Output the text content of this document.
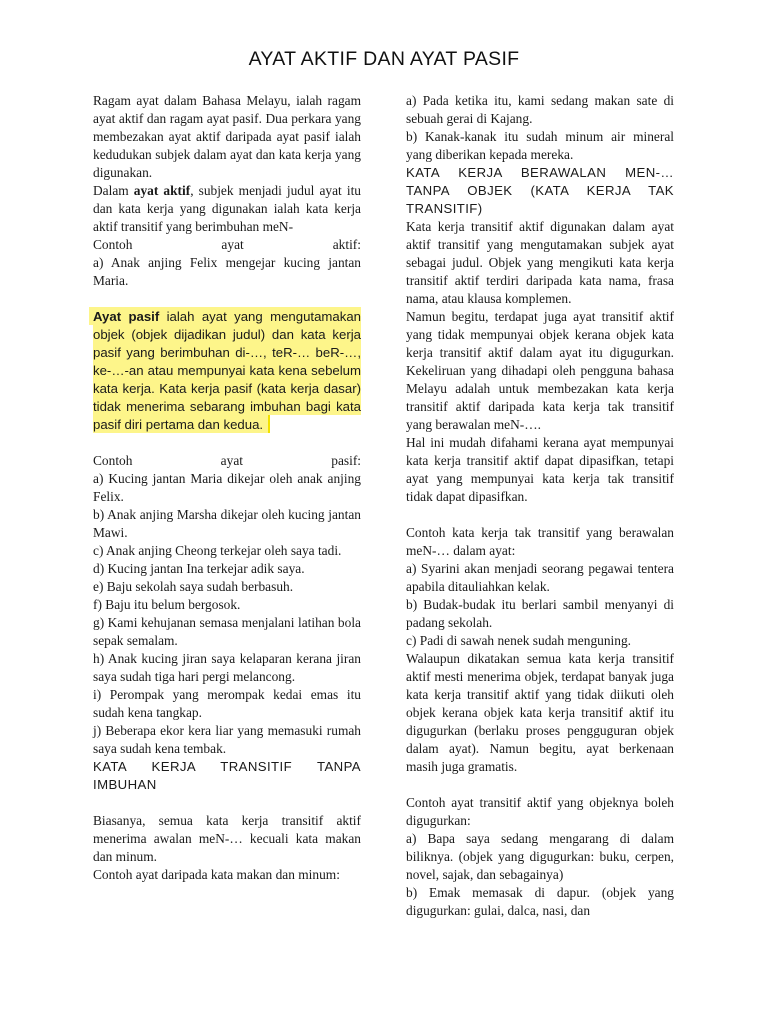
AYAT AKTIF DAN AYAT PASIF

Ragam ayat dalam Bahasa Melayu, ialah ragam ayat aktif dan ragam ayat pasif. Dua perkara yang membezakan ayat aktif daripada ayat pasif ialah kedudukan subjek dalam ayat dan kata kerja yang digunakan.

Dalam ayat aktif, subjek menjadi judul ayat itu dan kata kerja yang digunakan ialah kata kerja aktif transitif yang berimbuhan meN-

Contoh ayat aktif:

a) Anak anjing Felix mengejar kucing jantan Maria.

Ayat pasif ialah ayat yang mengutamakan objek (objek dijadikan judul) dan kata kerja pasif yang berimbuhan di-…, teR-… beR-…, ke-…-an atau mempunyai kata kena sebelum kata kerja. Kata kerja pasif (kata kerja dasar) tidak menerima sebarang imbuhan bagi kata pasif diri pertama dan kedua.

Contoh ayat pasif:

a) Kucing jantan Maria dikejar oleh anak anjing Felix.

b) Anak anjing Marsha dikejar oleh kucing jantan Mawi.

c) Anak anjing Cheong terkejar oleh saya tadi.

d) Kucing jantan Ina terkejar adik saya.

e) Baju sekolah saya sudah berbasuh.

f) Baju itu belum bergosok.

g) Kami kehujanan semasa menjalani latihan bola sepak semalam.

h) Anak kucing jiran saya kelaparan kerana jiran saya sudah tiga hari pergi melancong.

i) Perompak yang merompak kedai emas itu sudah kena tangkap.

j) Beberapa ekor kera liar yang memasuki rumah saya sudah kena tembak.

KATA KERJA TRANSITIF TANPA IMBUHAN

Biasanya, semua kata kerja transitif aktif menerima awalan meN-… kecuali kata makan dan minum.

Contoh ayat daripada kata makan dan minum:

a) Pada ketika itu, kami sedang makan sate di sebuah gerai di Kajang.

b) Kanak-kanak itu sudah minum air mineral yang diberikan kepada mereka.

KATA KERJA BERAWALAN MEN-… TANPA OBJEK (KATA KERJA TAK TRANSITIF)

Kata kerja transitif aktif digunakan dalam ayat aktif transitif yang mengutamakan subjek ayat sebagai judul. Objek yang mengikuti kata kerja transitif aktif terdiri daripada kata nama, frasa nama, atau klausa komplemen.

Namun begitu, terdapat juga ayat transitif aktif yang tidak mempunyai objek kerana objek kata kerja transitif aktif dalam ayat itu digugurkan. Kekeliruan yang dihadapi oleh pengguna bahasa Melayu adalah untuk membezakan kata kerja transitif aktif daripada kata kerja tak transitif yang berawalan meN-….

Hal ini mudah difahami kerana ayat mempunyai kata kerja transitif aktif dapat dipasifkan, tetapi ayat yang mempunyai kata kerja tak transitif tidak dapat dipasifkan.

Contoh kata kerja tak transitif yang berawalan meN-… dalam ayat:

a) Syarini akan menjadi seorang pegawai tentera apabila ditauliahkan kelak.

b) Budak-budak itu berlari sambil menyanyi di padang sekolah.

c) Padi di sawah nenek sudah menguning.

Walaupun dikatakan semua kata kerja transitif aktif mesti menerima objek, terdapat banyak juga kata kerja transitif aktif yang tidak diikuti oleh objek kerana objek kata kerja transitif aktif itu digugurkan (berlaku proses pengguguran objek dalam ayat). Namun begitu, ayat berkenaan masih juga gramatis.

Contoh ayat transitif aktif yang objeknya boleh digugurkan:

a) Bapa saya sedang mengarang di dalam biliknya. (objek yang digugurkan: buku, cerpen, novel, sajak, dan sebagainya)

b) Emak memasak di dapur. (objek yang digugurkan: gulai, dalca, nasi, dan
